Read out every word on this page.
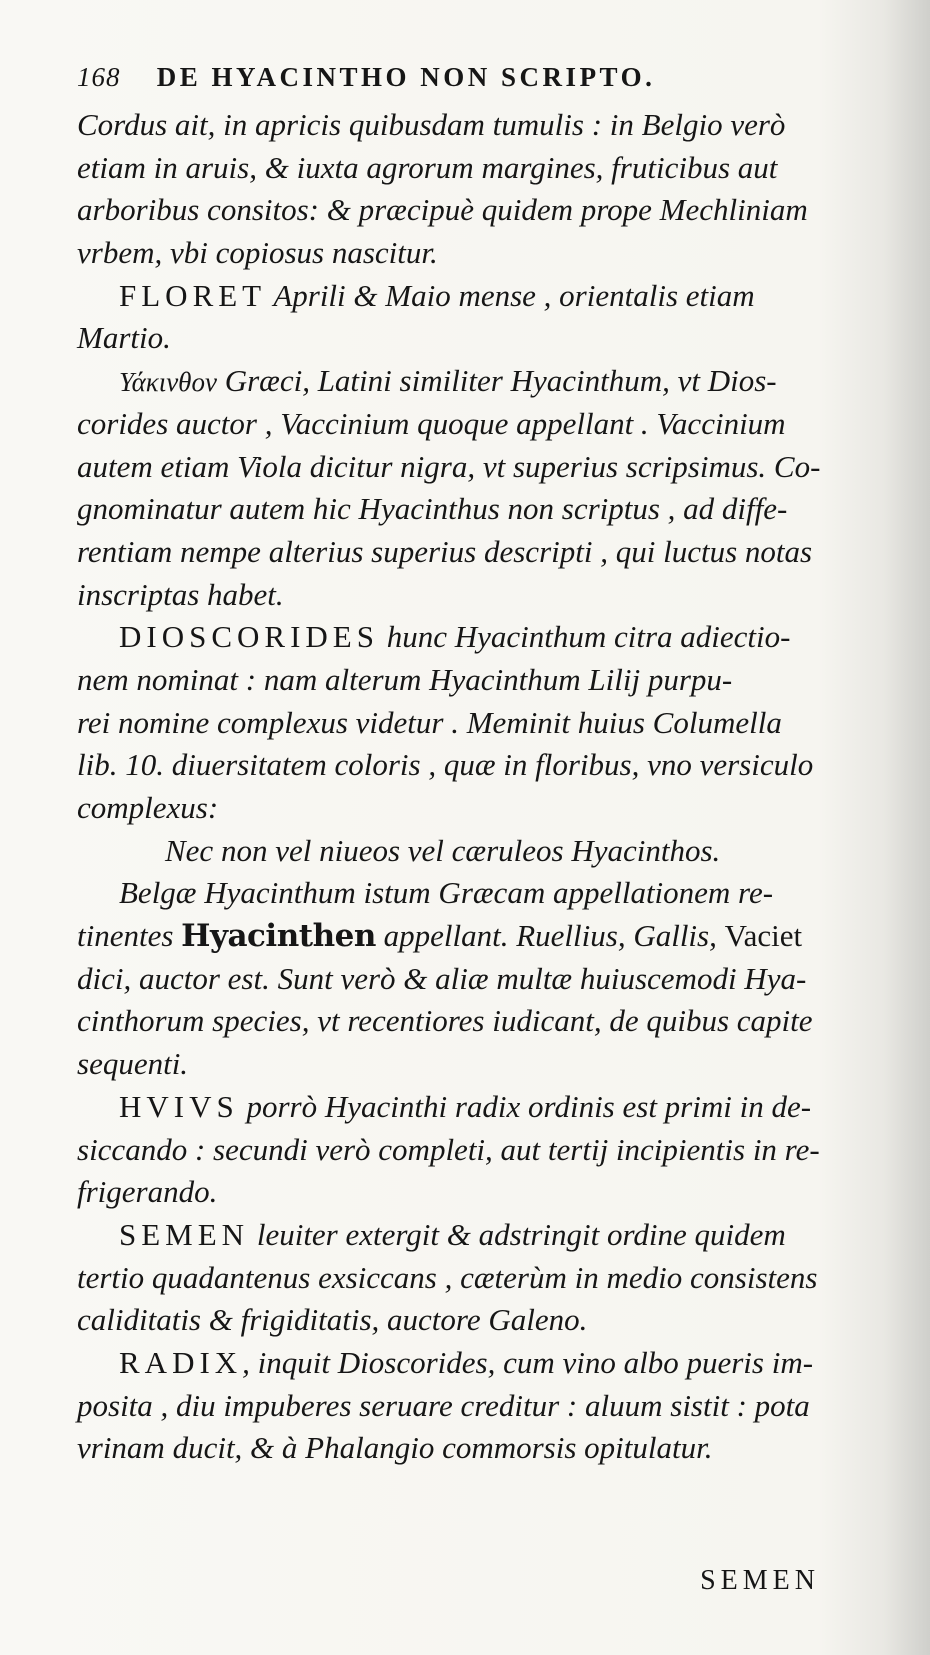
168 DE HYACINTHO NON SCRIPTO.
Cordus ait, in apricis quibusdam tumulis : in Belgio verò
etiam in aruis, & iuxta agrorum margines, fruticibus aut
arboribus consitos: & præcipuè quidem prope Mechliniam
vrbem, vbi copiosus nascitur.
FLORET Aprili & Maio mense , orientalis etiam
Martio.
Υάκινθον Græci, Latini similiter Hyacinthum, vt Dios-
corides auctor , Vaccinium quoque appellant . Vaccinium
autem etiam Viola dicitur nigra, vt superius scripsimus. Co-
gnominatur autem hic Hyacinthus non scriptus , ad diffe-
rentiam nempe alterius superius descripti , qui luctus notas
inscriptas habet.
DIOSCORIDES hunc Hyacinthum citra adiectio-
nem nominat : nam alterum Hyacinthum Lilij purpu-
rei nomine complexus videtur . Meminit huius Columella
lib. 10. diuersitatem coloris , quæ in floribus, vno versiculo
complexus:
Nec non vel niueos vel cæruleos Hyacinthos.
Belgæ Hyacinthum istum Græcam appellationem re-
tinentes Hyacinthen appellant. Ruellius, Gallis, Vaciet
dici, auctor est. Sunt verò & aliæ multæ huiuscemodi Hya-
cinthorum species, vt recentiores iudicant, de quibus capite
sequenti.
HVIVS porrò Hyacinthi radix ordinis est primi in de-
siccando : secundi verò completi, aut tertij incipientis in re-
frigerando.
SEMEN leuiter extergit & adstringit ordine quidem
tertio quadantenus exsiccans , cæterùm in medio consistens
caliditatis & frigiditatis, auctore Galeno.
RADIX, inquit Dioscorides, cum vino albo pueris im-
posita , diu impuberes seruare creditur : aluum sistit : pota
vrinam ducit, & à Phalangio commorsis opitulatur.
SEMEN
